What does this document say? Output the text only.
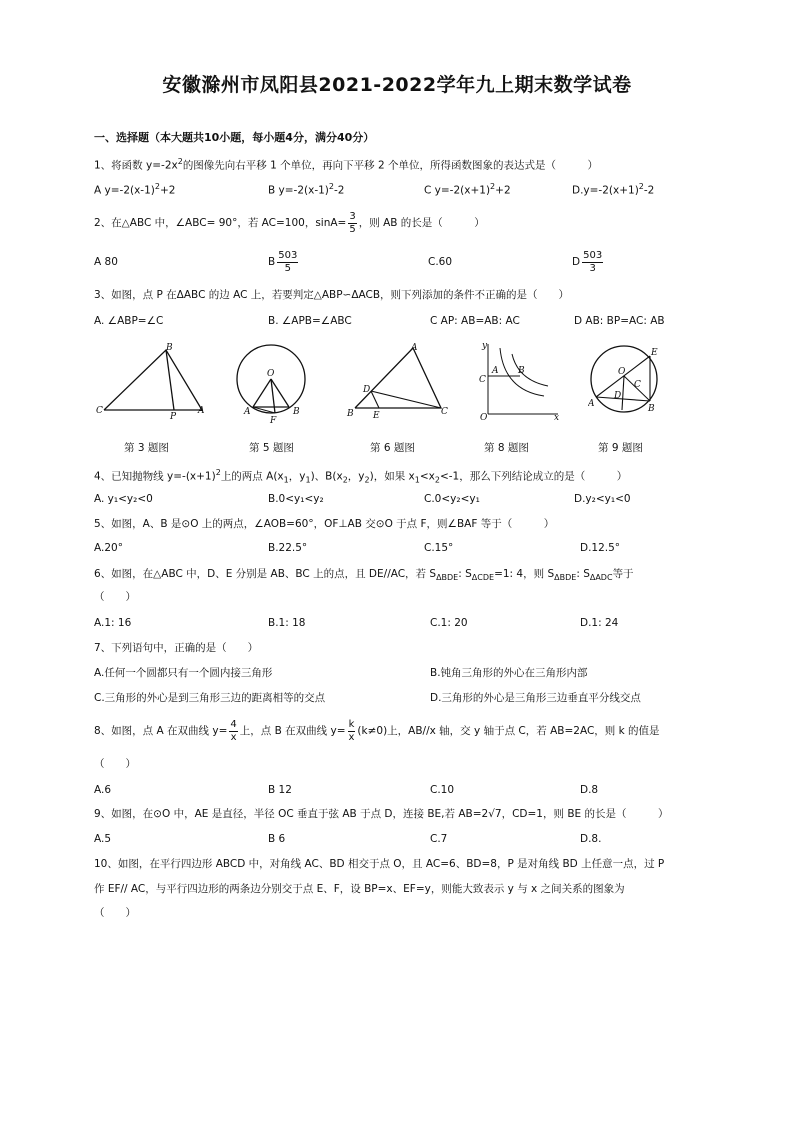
安徽滁州市凤阳县2021-2022学年九上期末数学试卷
一、选择题（本大题共10小题，每小题4分，满分40分）
1、将函数 $y=-2x^2$的图像先向右平移 1 个单位，再向下平移 2 个单位，所得函数图象的表达式是（　　　）
A $y=-2(x-1)^2+2$	B $y=-2(x-1)^2-2$	C $y=-2(x+1)^2+2$	$D.y=-2(x+1)^2-2$
2、在△ABC 中，∠ABC= 90°，若 AC=100，$\sin A= \frac{3}{5}$ ，则 AB 的长是（　　　）
A 80	B $\frac{503}{5}$	C.60	D $\frac{503}{3}$
3、如图，点 P 在ΔABC 的边 AC 上，若要判定△ABP∽ΔACB，则下列添加的条件不正确的是（　　）
A. ∠ABP=∠C	B. ∠APB=∠ABC	C AP: AB=AB: AC	D AB: BP=AC: AB
B
C
P
A
O
A	B
F
A
D
B E	C
y
A
C
B
O	x
E
O
C
A
D
B
第 3 题图	第 5 题图	第 6 题图	第 8 题图	第 9 题图
4、已知抛物线 $y=-(x+1)^2$上的两点 $A(x_1$，$y_1$)、$B(x_2$，$y_2$)，如果 $x_1<x_2<-1$，那么下列结论成立的是（　　　）
A. y₁<y₂<0	B.0<y₁<y₂	C.0<y₂<y₁	D.y₂<y₁<0
5、如图，A、B 是⊙O 上的两点，∠AOB=60°，OF⊥AB 交⊙O 于点 F，则∠BAF 等于（　　　）
A.20°	B.22.5°	C.15°	D.12.5°
6、如图，在△ABC 中，D、E 分别是 AB、BC 上的点，且 DE//AC，若 $S_{\Delta BDE}$: $S_{\Delta CDE}=1$: 4，则 $S_{\Delta BDE}$: $S_{\Delta ADC}$等于
（　　）
A.1: 16	B.1: 18	C.1: 20	D.1: 24
7、下列语句中，正确的是（　　）
A.任何一个圆都只有一个圆内接三角形	B.钝角三角形的外心在三角形内部
C.三角形的外心是到三角形三边的距离相等的交点	D.三角形的外心是三角形三边垂直平分线交点
8、如图，点 A 在双曲线 $y= \frac{4}{x}$ 上，点 B 在双曲线 $y= \frac{k}{x} (k\ne 0)$上，AB//x 轴，交 y 轴于点 C，若 AB=2AC，则 k 的值是
（　　）
A.6	B 12	C.10	D.8
9、如图，在⊙O 中，AE 是直径，半径 OC 垂直于弦 AB 于点 D，连接 BE,若 AB=2√7，CD=1，则 BE 的长是（　　　）
A.5	B 6	C.7	D.8.
10、如图，在平行四边形 ABCD 中，对角线 AC、BD 相交于点 O，且 AC=6、BD=8，P 是对角线 BD 上任意一点，过 P
作 EF// AC，与平行四边形的两条边分别交于点 E、F，设 BP=x、EF=y，则能大致表示 y 与 x 之间关系的图象为
（　　）
